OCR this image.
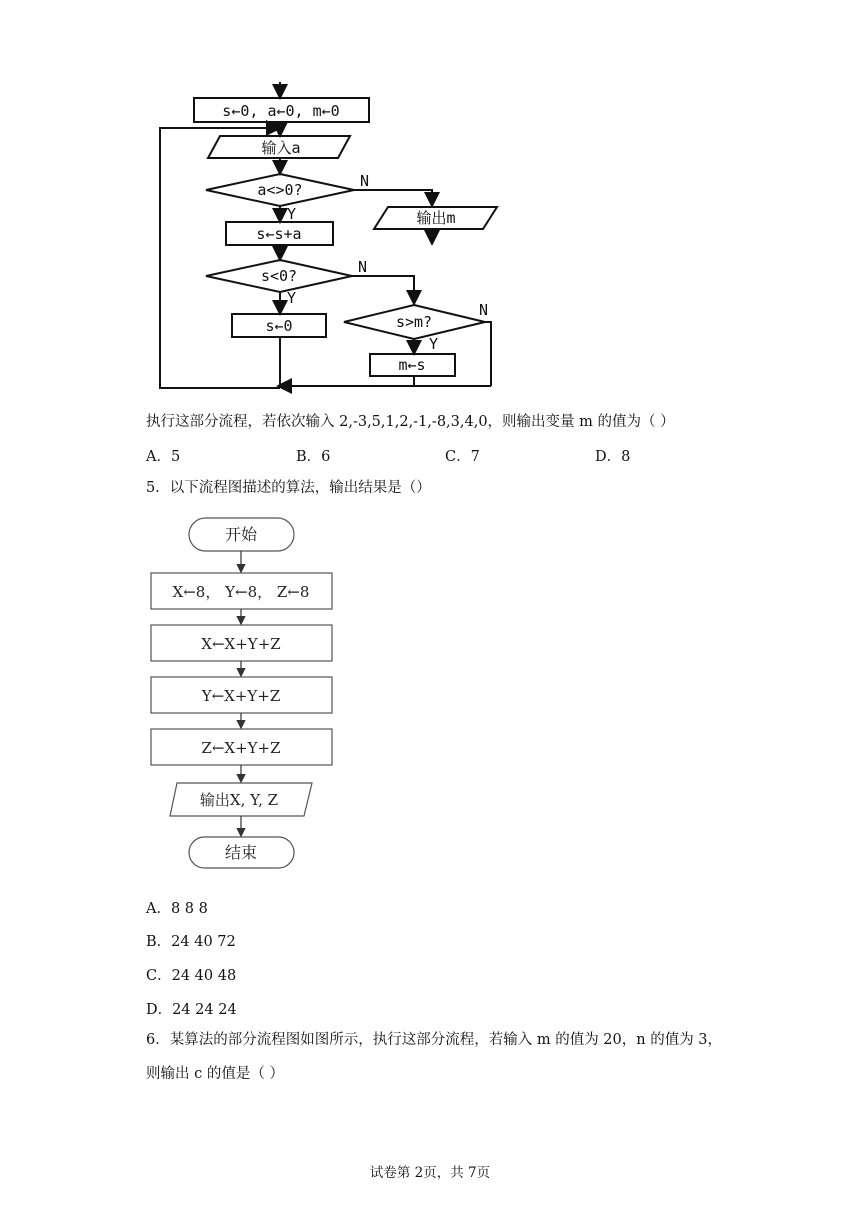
s←0, a←0, m←0
输入a
a<>0?	N
Y	输出m
s←s+a
s<0?	N
Y
s←0	s>m?
N
Y
m←s
执行这部分流程，若依次输入 2,-3,5,1,2,-1,-8,3,4,0，则输出变量 m 的值为（ ）
A．5	B．6	C．7	D．8
5．以下流程图描述的算法，输出结果是（）
开始
X←8， Y←8， Z←8
X←X+Y+Z
Y←X+Y+Z
Z←X+Y+Z
输出X, Y, Z
结束
A．8 8 8
B．24 40 72
C．24 40 48
D．24 24 24
6．某算法的部分流程图如图所示，执行这部分流程，若输入 m 的值为 20，n 的值为 3，
则输出 c 的值是（ ）
试卷第 2页，共 7页
